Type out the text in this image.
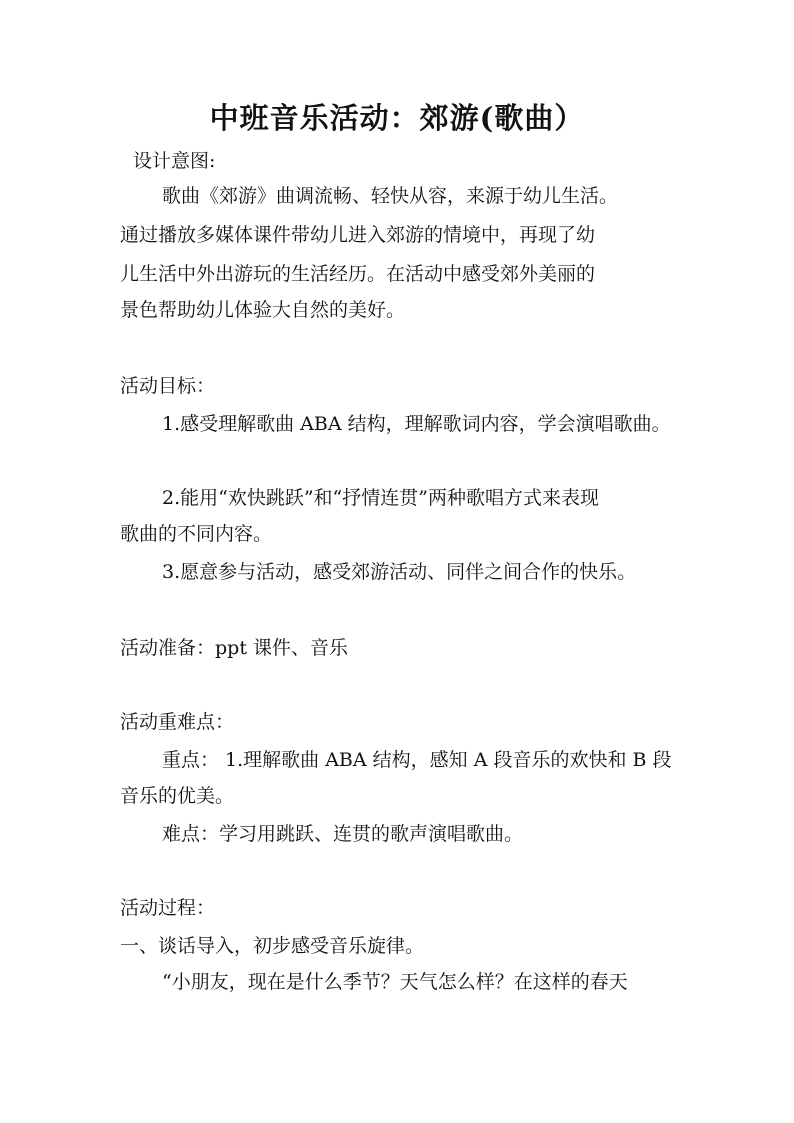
中班音乐活动：郊游(歌曲）
设计意图:
歌曲《郊游》曲调流畅、轻快从容，来源于幼儿生活。
通过播放多媒体课件带幼儿进入郊游的情境中，再现了幼
儿生活中外出游玩的生活经历。在活动中感受郊外美丽的
景色帮助幼儿体验大自然的美好。
活动目标：
1.感受理解歌曲 ABA 结构，理解歌词内容，学会演唱歌曲。
2.能用“欢快跳跃”和“抒情连贯”两种歌唱方式来表现
歌曲的不同内容。
3.愿意参与活动，感受郊游活动、同伴之间合作的快乐。
活动准备：ppt 课件、音乐
活动重难点：
重点： 1.理解歌曲 ABA 结构，感知 A 段音乐的欢快和 B 段
音乐的优美。
难点：学习用跳跃、连贯的歌声演唱歌曲。
活动过程：
一、谈话导入，初步感受音乐旋律。
“小朋友，现在是什么季节？天气怎么样？在这样的春天
